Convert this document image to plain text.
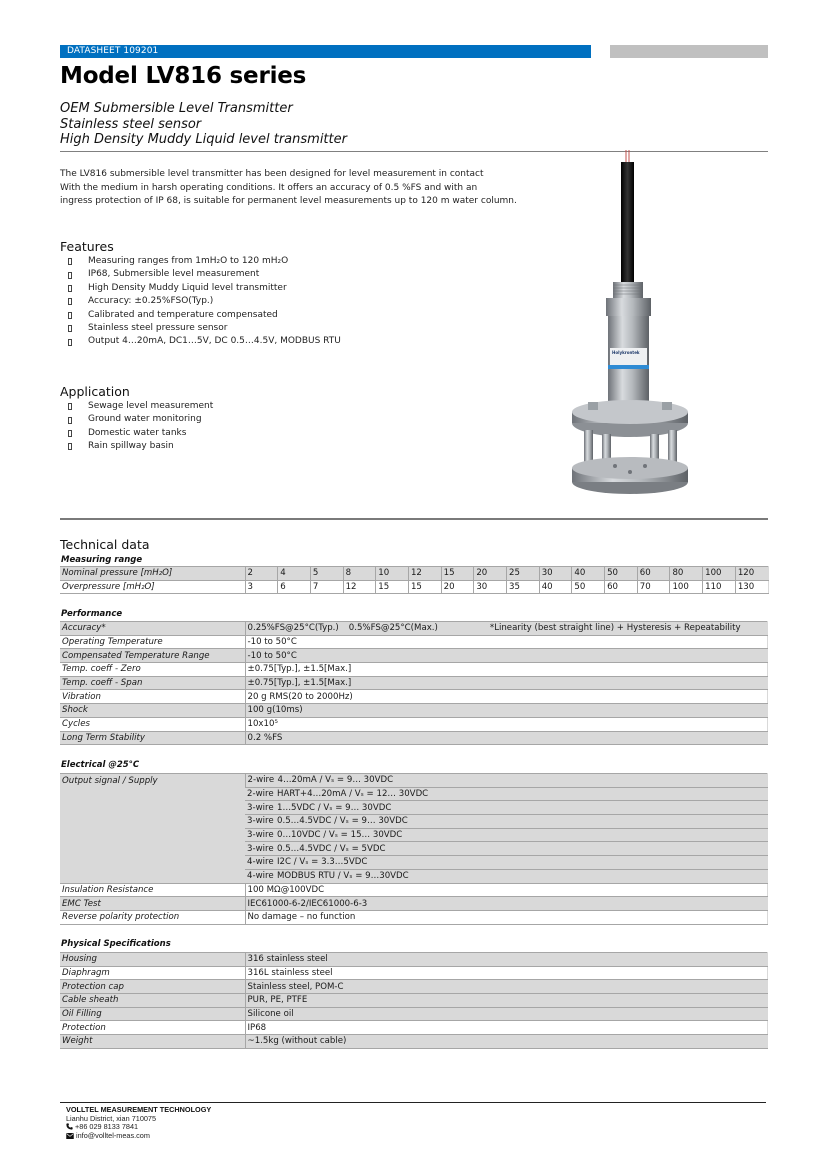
DATASHEET 109201
Model LV816 series
OEM Submersible Level Transmitter
Stainless steel sensor
High Density Muddy Liquid level transmitter
The LV816 submersible level transmitter has been designed for level measurement in contact
With the medium in harsh operating conditions. It offers an accuracy of 0.5 %FS and with an
ingress protection of IP 68, is suitable for permanent level measurements up to 120 m water column.
Features
Measuring ranges from 1mH₂O to 120 mH₂O
IP68, Submersible level measurement
High Density Muddy Liquid level transmitter
Accuracy: ±0.25%FSO(Typ.)
Calibrated and temperature compensated
Stainless steel pressure sensor
Output 4…20mA, DC1…5V, DC 0.5…4.5V, MODBUS RTU
Application
Sewage level measurement
Ground water monitoring
Domestic water tanks
Rain spillway basin
Holykrontek
Technical data
Measuring range
Nominal pressure [mH₂O]	2	4	5	8	10	12	15	20	25	30	40	50	60	80	100	120
Overpressure [mH₂O]	3	6	7	12	15	15	20	30	35	40	50	60	70	100	110	130
Performance
Accuracy*	0.25%FS@25°C(Typ.) 0.5%FS@25°C(Max.) *Linearity (best straight line) + Hysteresis + Repeatability
Operating Temperature	-10 to 50°C
Compensated Temperature Range	-10 to 50°C
Temp. coeff - Zero	±0.75[Typ.], ±1.5[Max.]
Temp. coeff - Span	±0.75[Typ.], ±1.5[Max.]
Vibration	20 g RMS(20 to 2000Hz)
Shock	100 g(10ms)
Cycles	10x10⁵
Long Term Stability	0.2 %FS
Electrical @25°C
Output signal / Supply	2-wire 4…20mA / Vₛ = 9… 30VDC
	2-wire HART+4…20mA / Vₛ = 12… 30VDC
	3-wire 1…5VDC / Vₛ = 9… 30VDC
	3-wire 0.5…4.5VDC / Vₛ = 9… 30VDC
	3-wire 0…10VDC / Vₛ = 15… 30VDC
	3-wire 0.5…4.5VDC / Vₛ = 5VDC
	4-wire I2C / Vₛ = 3.3…5VDC
	4-wire MODBUS RTU / Vₛ = 9…30VDC
Insulation Resistance	100 MΩ@100VDC
EMC Test	IEC61000-6-2/IEC61000-6-3
Reverse polarity protection	No damage – no function
Physical Specifications
Housing	316 stainless steel
Diaphragm	316L stainless steel
Protection cap	Stainless steel, POM-C
Cable sheath	PUR, PE, PTFE
Oil Filling	Silicone oil
Protection	IP68
Weight	~1.5kg (without cable)
VOLLTEL MEASUREMENT TECHNOLOGY
Lianhu District, xian 710075
+86 029 8133 7841
info@volltel-meas.com
